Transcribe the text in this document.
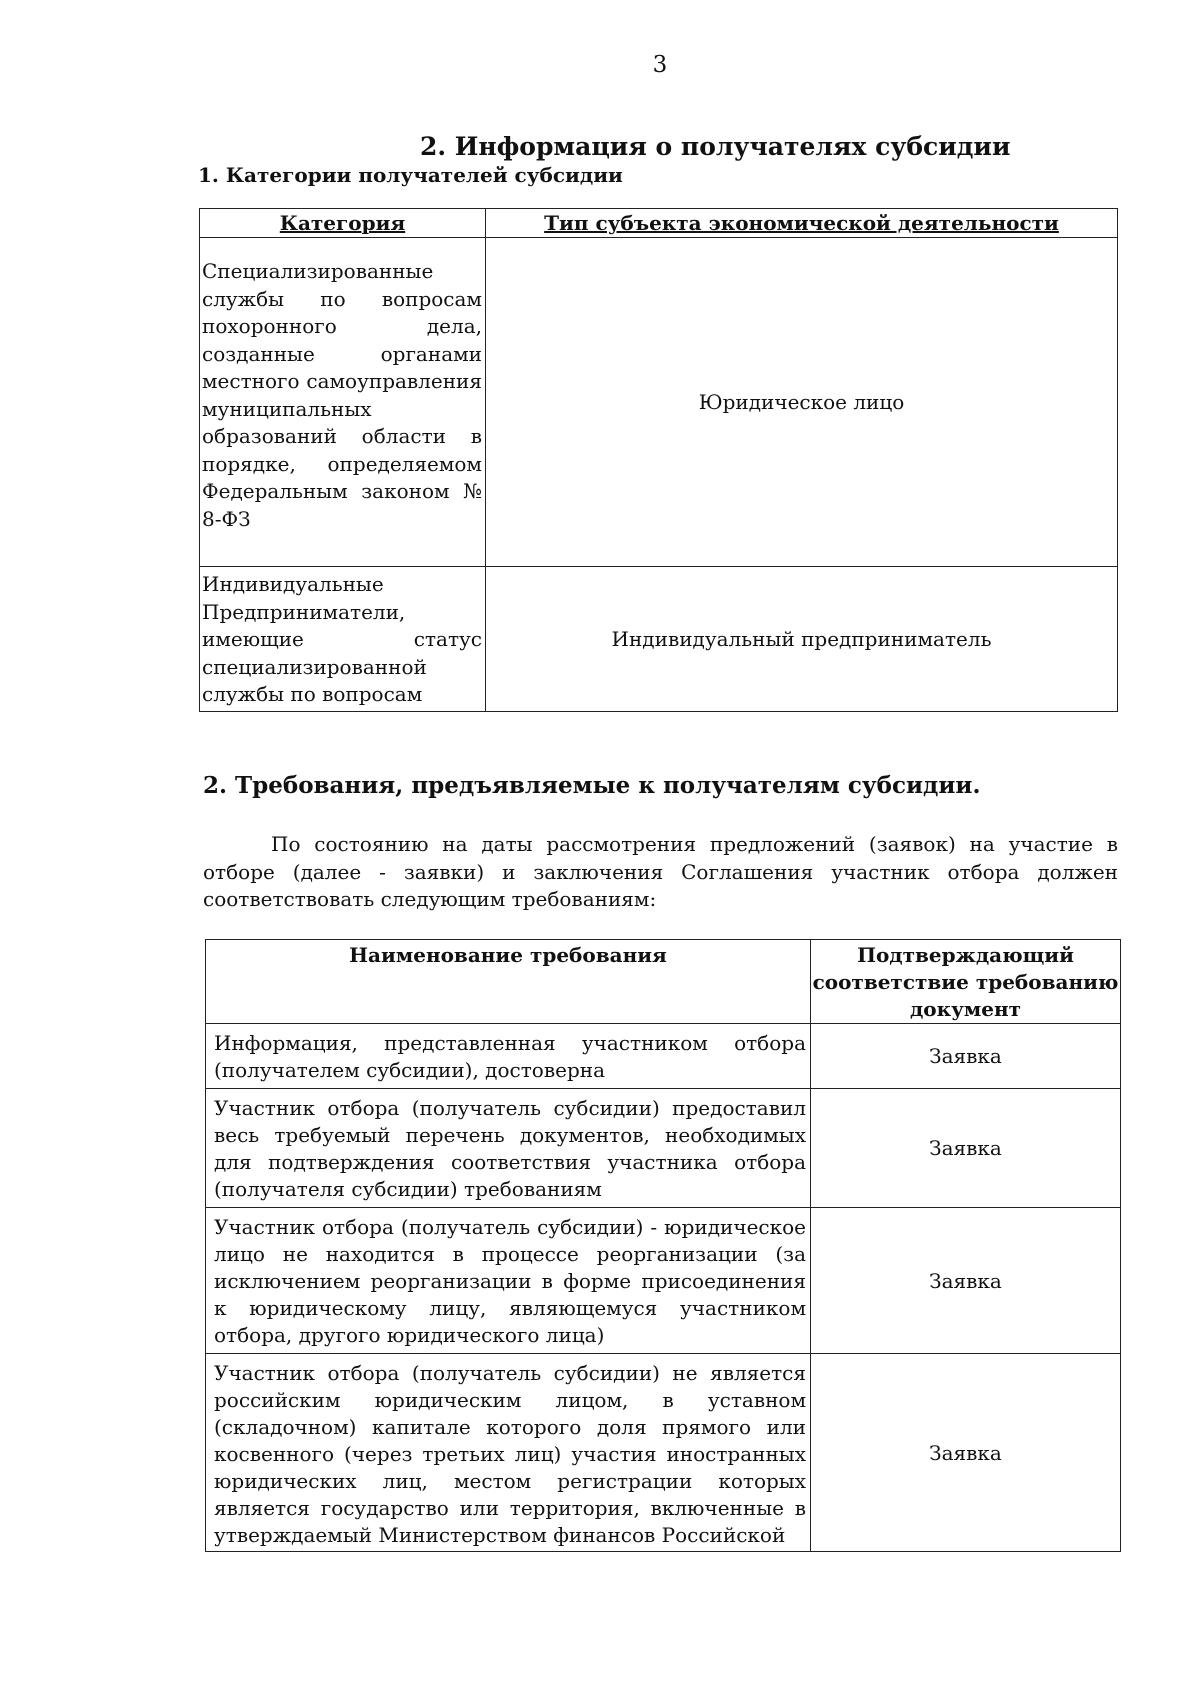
3
2. Информация о получателях субсидии
1. Категории получателей субсидии
Категория	Тип субъекта экономической деятельности
Специализированные службы по вопросам похоронного дела, созданные органами местного самоуправления муниципальных образований области в порядке, определяемом Федеральным законом № 8-ФЗ	Юридическое лицо
Индивидуальные Предприниматели, имеющие статус специализированной службы по вопросам	Индивидуальный предприниматель
2. Требования, предъявляемые к получателям субсидии.

По состоянию на даты рассмотрения предложений (заявок) на участие в отборе (далее - заявки) и заключения Соглашения участник отбора должен соответствовать следующим требованиям:

Наименование требования	Подтверждающий соответствие требованию документ
Информация, представленная участником отбора (получателем субсидии), достоверна	Заявка
Участник отбора (получатель субсидии) предоставил весь требуемый перечень документов, необходимых для подтверждения соответствия участника отбора (получателя субсидии) требованиям	Заявка
Участник отбора (получатель субсидии) - юридическое лицо не находится в процессе реорганизации (за исключением реорганизации в форме присоединения к юридическому лицу, являющемуся участником отбора, другого юридического лица)	Заявка
Участник отбора (получатель субсидии) не является российским юридическим лицом, в уставном (складочном) капитале которого доля прямого или косвенного (через третьих лиц) участия иностранных юридических лиц, местом регистрации которых является государство или территория, включенные в утверждаемый Министерством финансов Российской	Заявка
